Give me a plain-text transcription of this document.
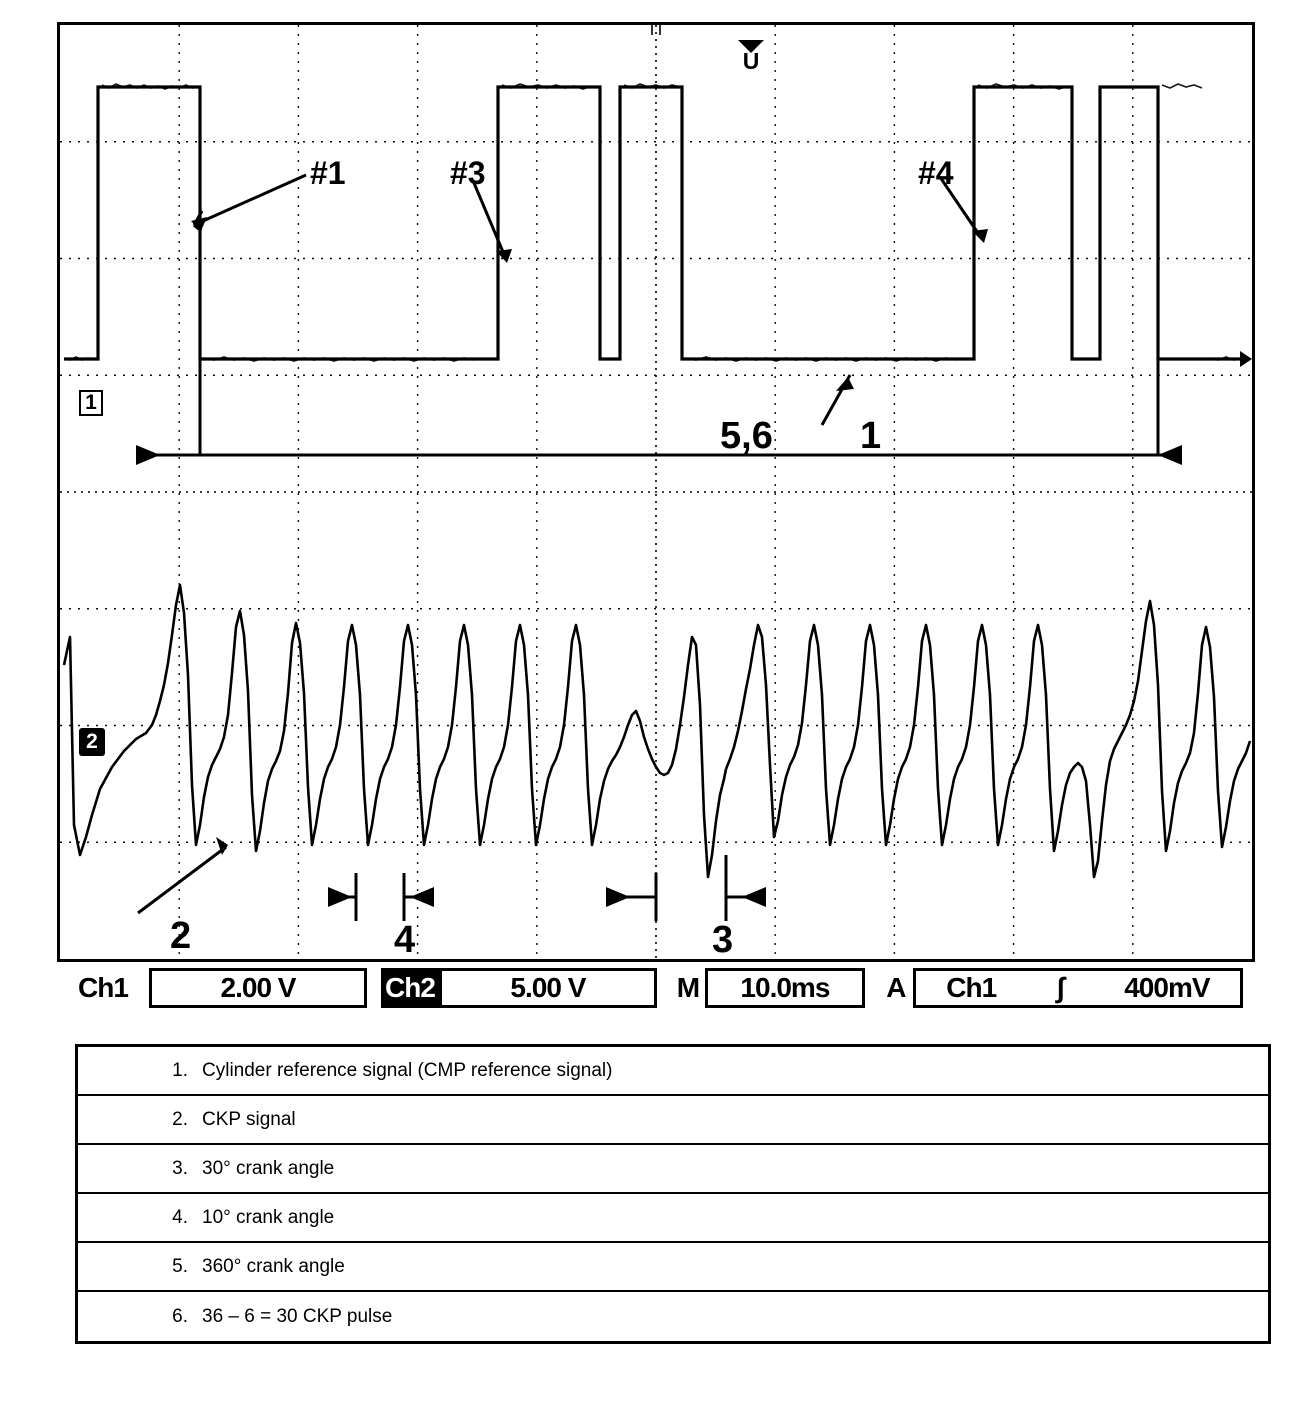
#1	#3	#4
5,6 1
2	3
4
1
2
U
Ch1	2.00 V	Ch2	5.00 V	M	10.0ms	A Ch1 ∫ 400mV
1. Cylinder reference signal (CMP reference signal)
2. CKP signal
3. 30° crank angle
4. 10° crank angle
5. 360° crank angle
6. 36 – 6 = 30 CKP pulse
